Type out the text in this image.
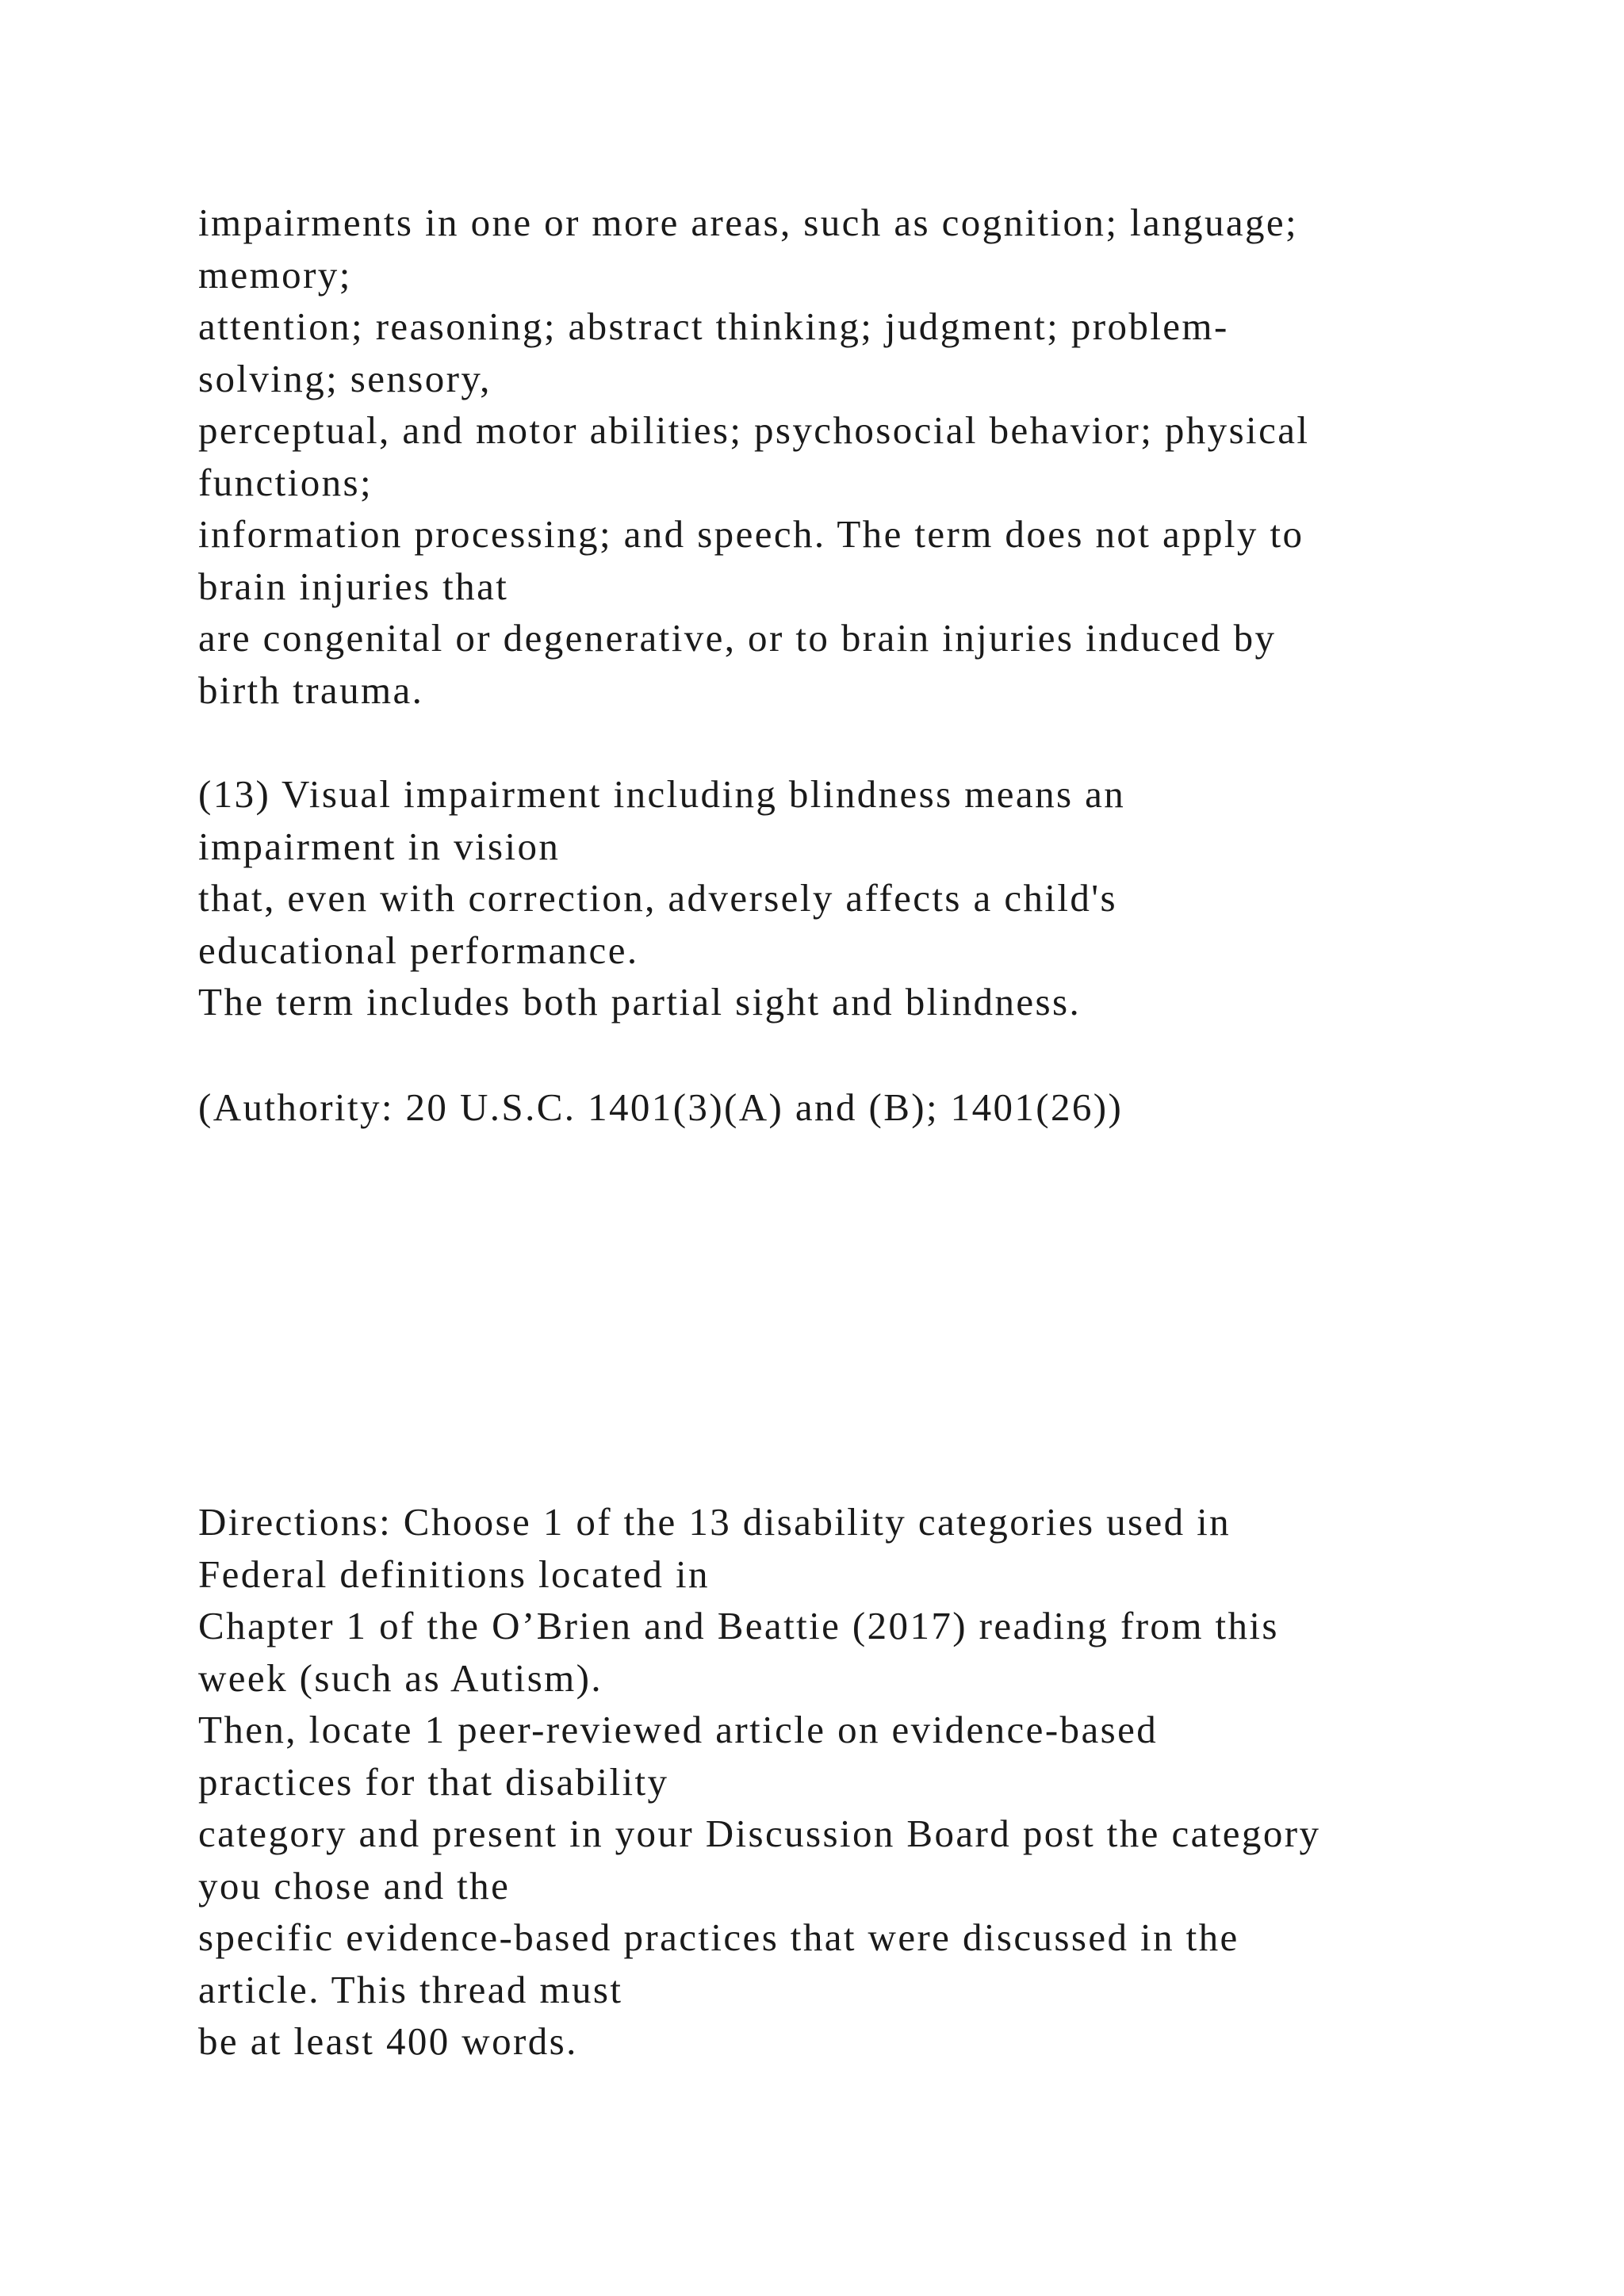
impairments in one or more areas, such as cognition; language;
memory;
attention; reasoning; abstract thinking; judgment; problem-
solving; sensory,
perceptual, and motor abilities; psychosocial behavior; physical
functions;
information processing; and speech. The term does not apply to
brain injuries that
are congenital or degenerative, or to brain injuries induced by
birth trauma.

(13) Visual impairment including blindness means an
impairment in vision
that, even with correction, adversely affects a child's
educational performance.
The term includes both partial sight and blindness.

(Authority: 20 U.S.C. 1401(3)(A) and (B); 1401(26))

Directions: Choose 1 of the 13 disability categories used in
Federal definitions located in
Chapter 1 of the O’Brien and Beattie (2017) reading from this
week (such as Autism).
Then, locate 1 peer-reviewed article on evidence-based
practices for that disability
category and present in your Discussion Board post the category
you chose and the
specific evidence-based practices that were discussed in the
article. This thread must
be at least 400 words.
